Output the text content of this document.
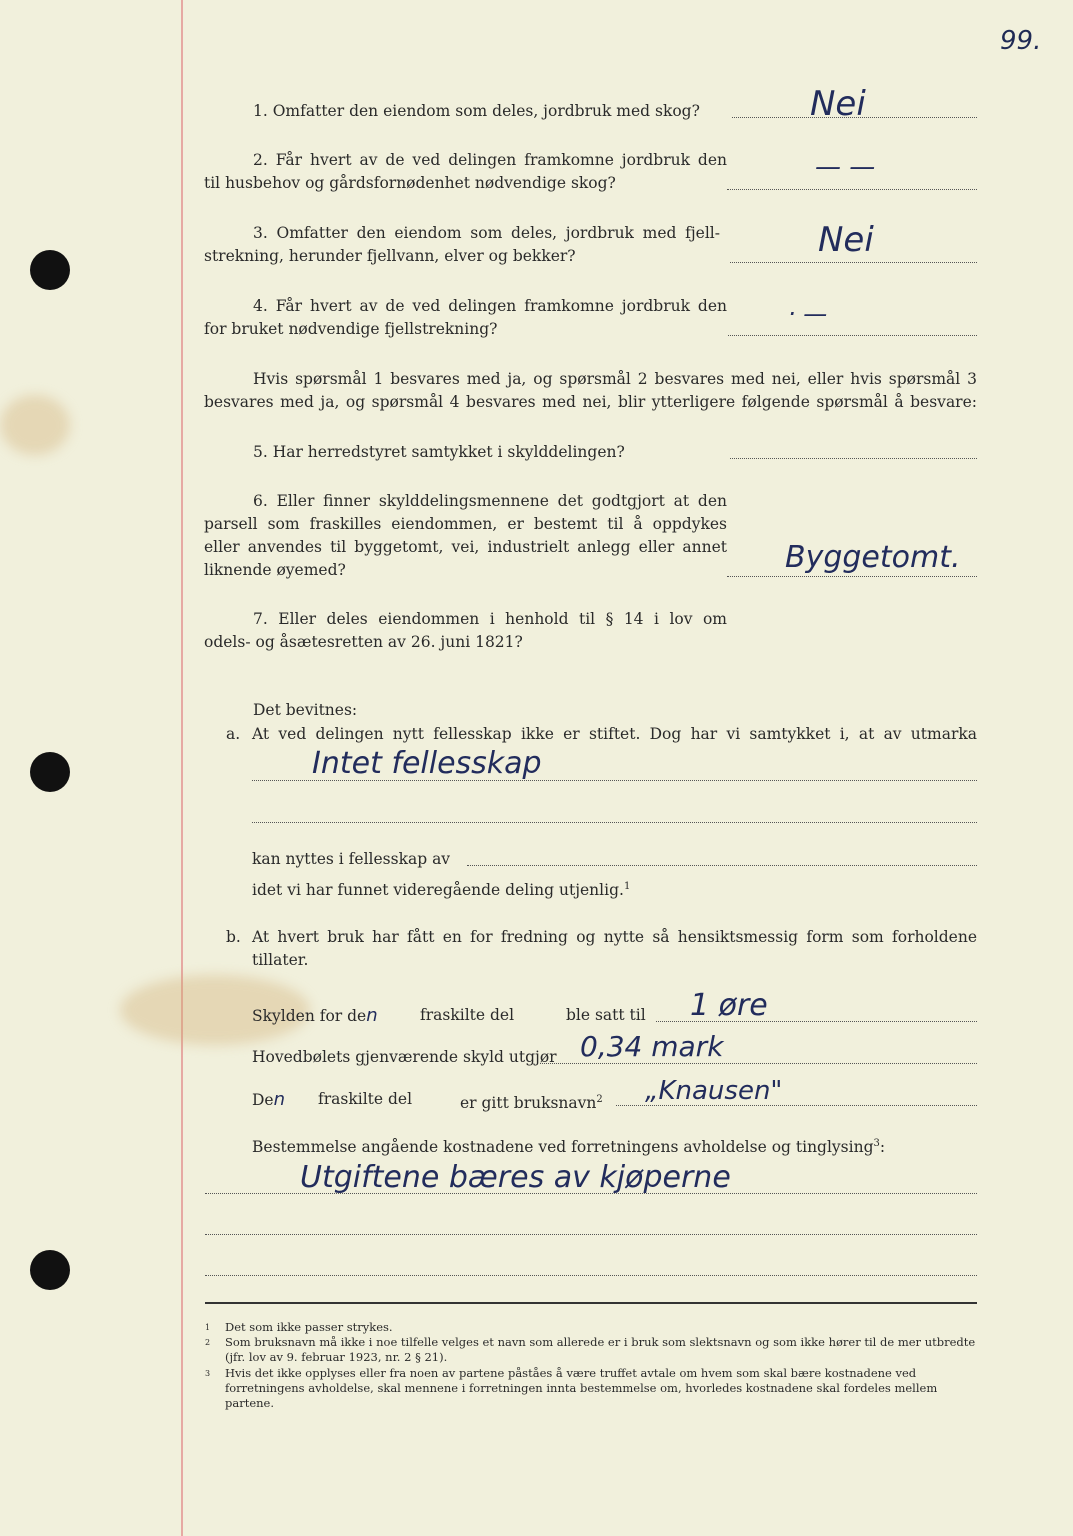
99.
1. Omfatter den eiendom som deles, jordbruk med skog?	Nei
2. Får hvert av de ved delingen framkomne jordbruk den
til husbehov og gårdsfornødenhet nødvendige skog?
— —
3. Omfatter den eiendom som deles, jordbruk med fjell-
strekning, herunder fjellvann, elver og bekker?	Nei
4. Får hvert av de ved delingen framkomne jordbruk den
for bruket nødvendige fjellstrekning?
· —
Hvis spørsmål 1 besvares med ja, og spørsmål 2 besvares med nei, eller hvis spørsmål 3
besvares med ja, og spørsmål 4 besvares med nei, blir ytterligere følgende spørsmål å besvare:
5. Har herredstyret samtykket i skylddelingen?
6. Eller finner skylddelingsmennene det godtgjort at den
parsell som fraskilles eiendommen, er bestemt til å oppdykes
eller anvendes til byggetomt, vei, industrielt anlegg eller annet
liknende øyemed?	Byggetomt.
7. Eller deles eiendommen i henhold til § 14 i lov om
odels- og åsætesretten av 26. juni 1821?
Det bevitnes:
a. At ved delingen nytt fellesskap ikke er stiftet. Dog har vi samtykket i, at av utmarka
Intet fellesskap
kan nyttes i fellesskap av
idet vi har funnet videregående deling utjenlig.$^1$
b. At hvert bruk har fått en for fredning og nytte så hensiktsmessig form som forholdene
tillater.
Skylden for den	fraskilte del	ble satt til 1 øre
Hovedbølets gjenværende skyld utgjør 0,34 mark
Den fraskilte del	er gitt bruksnavn$^2$ „Knausen"
Bestemmelse angående kostnadene ved forretningens avholdelse og tinglysing$^3$:
Utgiftene bæres av kjøperne
$^1$ Det som ikke passer strykes.
$^2$ Som bruksnavn må ikke i noe tilfelle velges et navn som allerede er i bruk som slektsnavn og som ikke hører til de mer utbredte (jfr. lov av 9. februar 1923, nr. 2 § 21).
$^3$ Hvis det ikke opplyses eller fra noen av partene påståes å være truffet avtale om hvem som skal bære kostnadene ved forretningens avholdelse, skal mennene i forretningen innta bestemmelse om, hvorledes kostnadene skal fordeles mellem partene.
